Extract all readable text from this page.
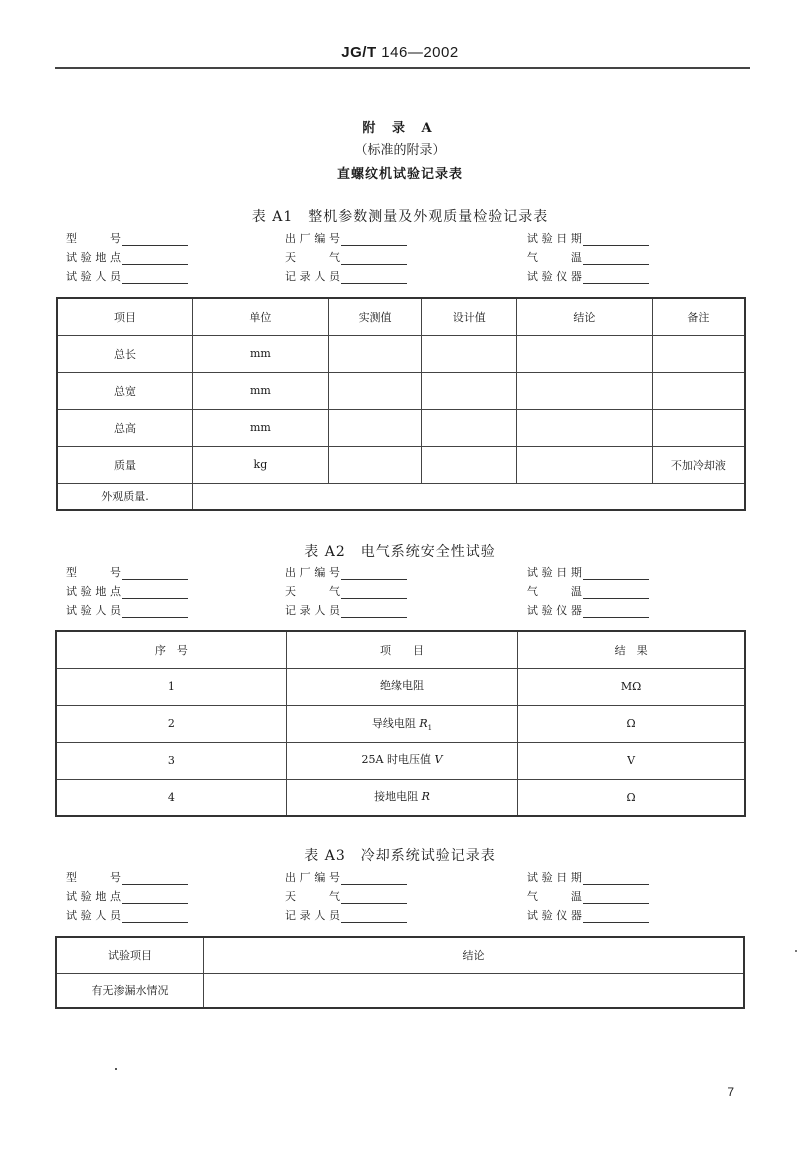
JG/T 146—2002
附 录 A
（标准的附录）
直螺纹机试验记录表
表 A1　整机参数测量及外观质量检验记录表
型　　号	出厂编号	试验日期
试验地点	天　　气	气　　温
试验人员	记录人员	试验仪器
项目	单位	实测值	设计值	结论	备注
总长	mm				
总宽	mm				
总高	mm				
质量	kg				不加冷却液
外观质量.					
表 A2　电气系统安全性试验
型　　号	出厂编号	试验日期
试验地点	天　　气	气　　温
试验人员	记录人员	试验仪器
序　号	项　　目	结　果
1	绝缘电阻	MΩ
2	导线电阻 $R_1$	Ω
3	25A 时电压值 V	V
4	接地电阻 R	Ω
表 A3　冷却系统试验记录表
型　　号	出厂编号	试验日期
试验地点	天　　气	气　　温
试验人员	记录人员	试验仪器
试验项目	结论
有无渗漏水情况	
7
